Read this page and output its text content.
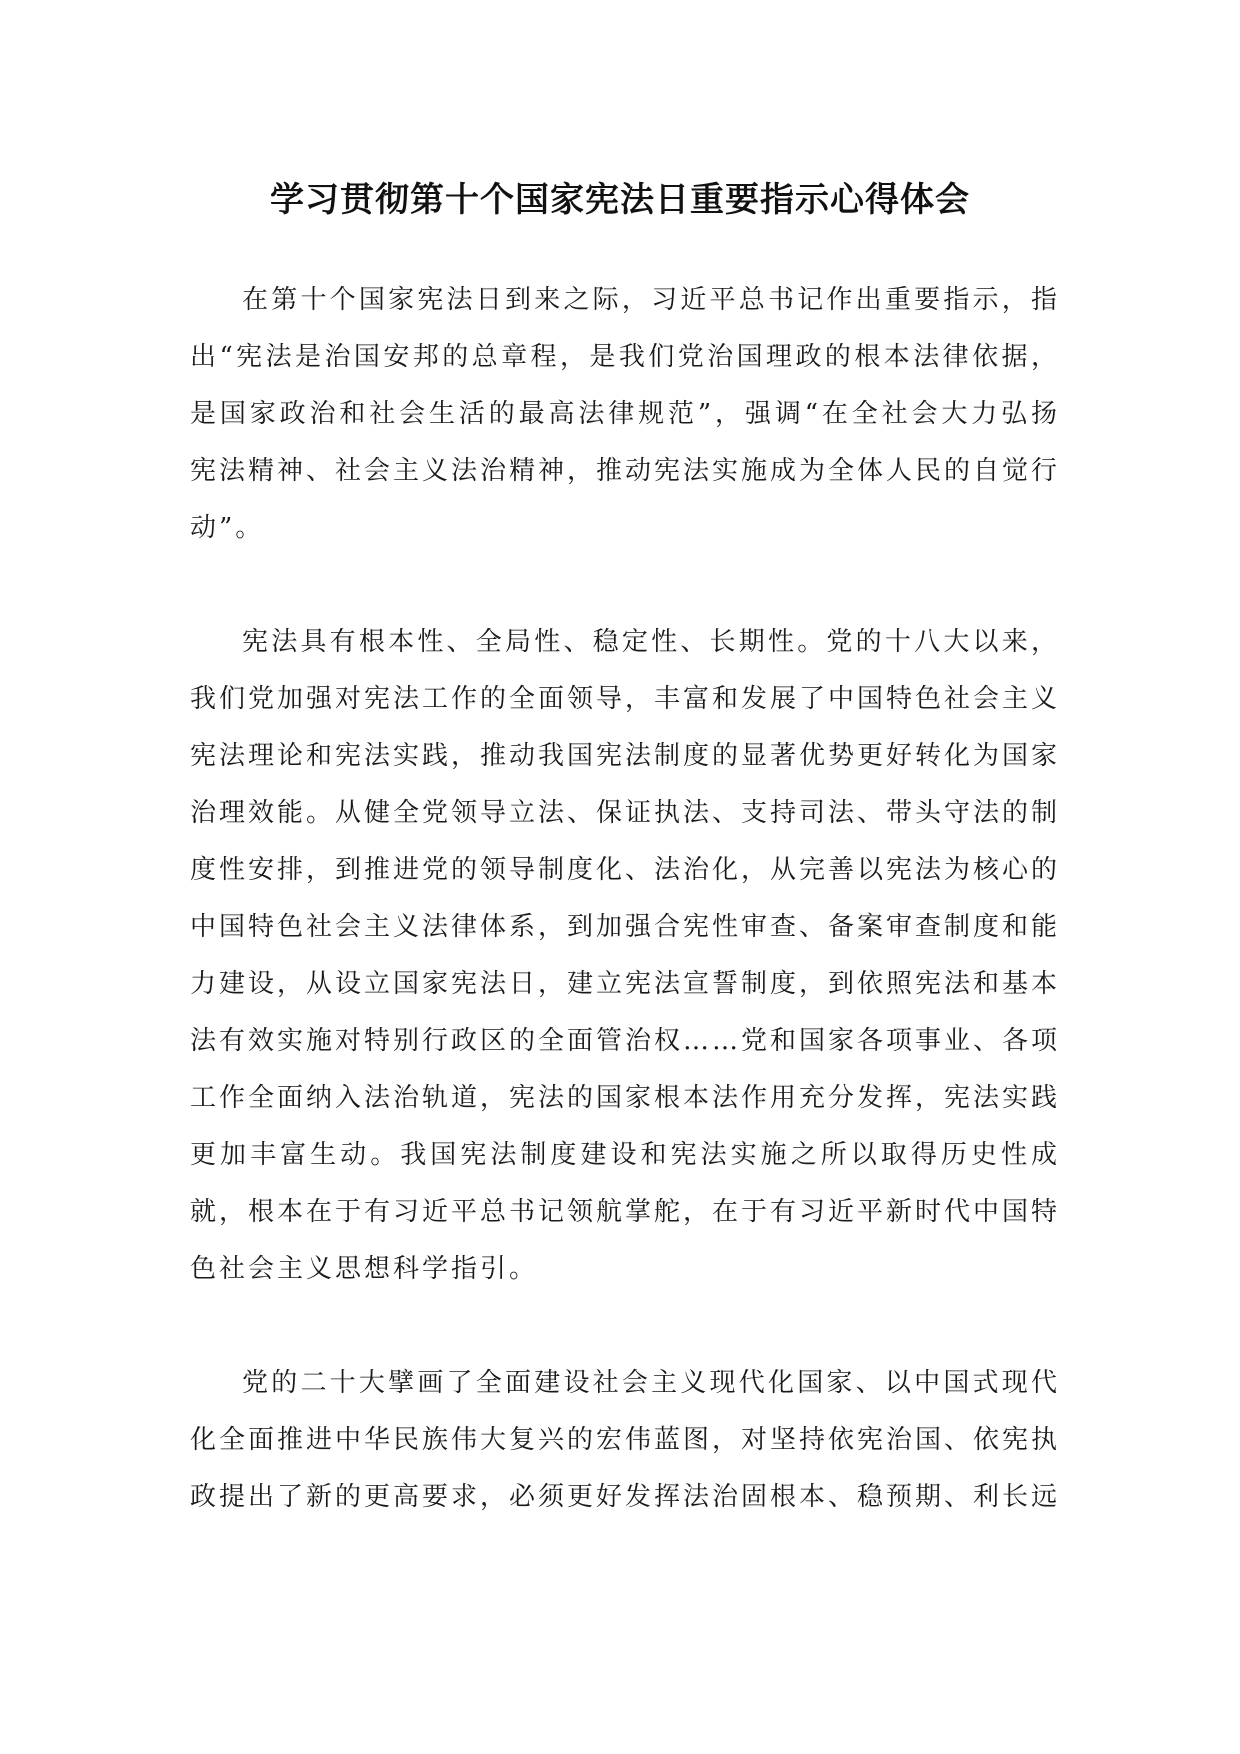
学习贯彻第十个国家宪法日重要指示心得体会

在第十个国家宪法日到来之际，习近平总书记作出重要指示，指出“宪法是治国安邦的总章程，是我们党治国理政的根本法律依据，是国家政治和社会生活的最高法律规范”，强调“在全社会大力弘扬宪法精神、社会主义法治精神，推动宪法实施成为全体人民的自觉行动”。

宪法具有根本性、全局性、稳定性、长期性。党的十八大以来，我们党加强对宪法工作的全面领导，丰富和发展了中国特色社会主义宪法理论和宪法实践，推动我国宪法制度的显著优势更好转化为国家治理效能。从健全党领导立法、保证执法、支持司法、带头守法的制度性安排，到推进党的领导制度化、法治化，从完善以宪法为核心的中国特色社会主义法律体系，到加强合宪性审查、备案审查制度和能力建设，从设立国家宪法日，建立宪法宣誓制度，到依照宪法和基本法有效实施对特别行政区的全面管治权……党和国家各项事业、各项工作全面纳入法治轨道，宪法的国家根本法作用充分发挥，宪法实践更加丰富生动。我国宪法制度建设和宪法实施之所以取得历史性成就，根本在于有习近平总书记领航掌舵，在于有习近平新时代中国特色社会主义思想科学指引。

党的二十大擘画了全面建设社会主义现代化国家、以中国式现代化全面推进中华民族伟大复兴的宏伟蓝图，对坚持依宪治国、依宪执政提出了新的更高要求，必须更好发挥法治固根本、稳预期、利长远
